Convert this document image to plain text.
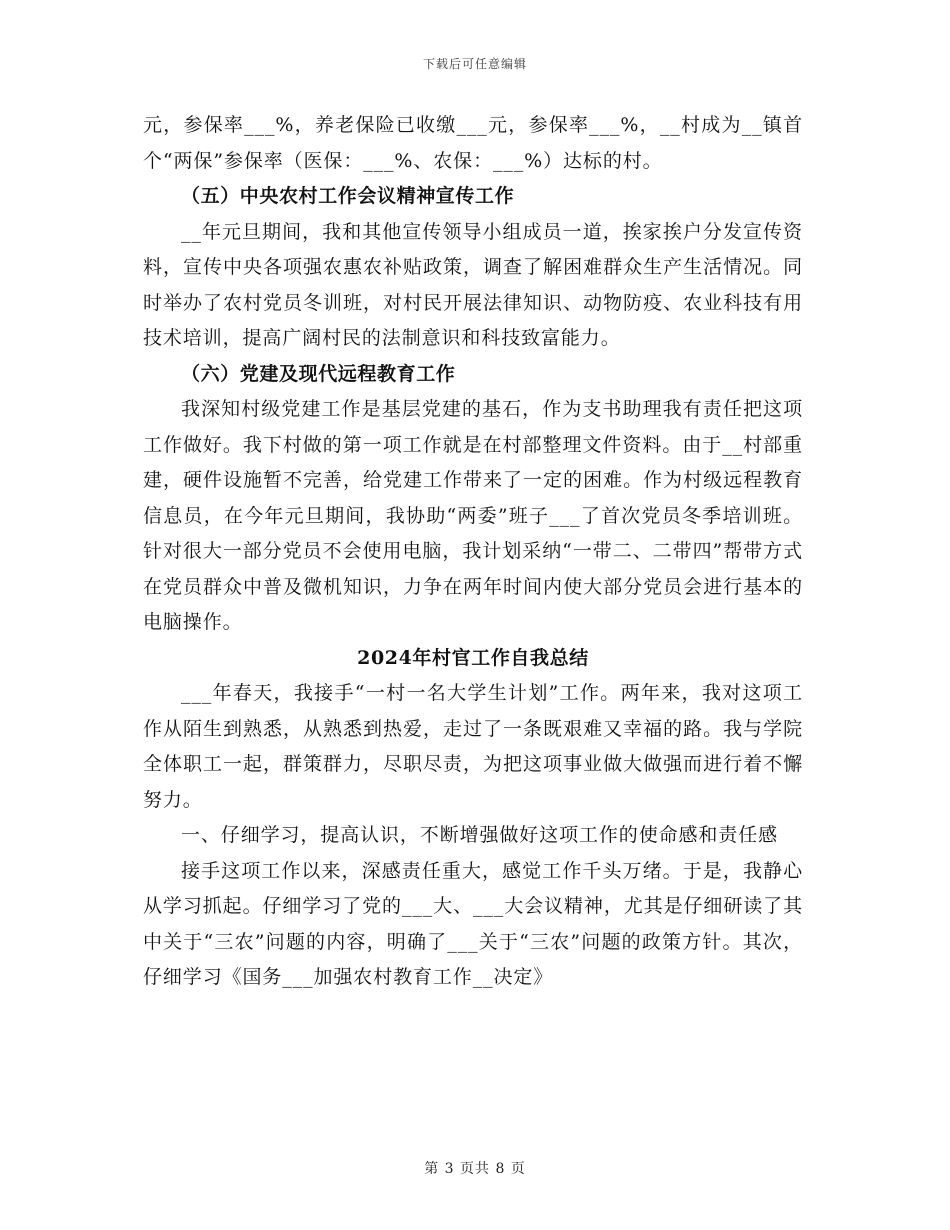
下载后可任意编辑

元，参保率___%，养老保险已收缴___元，参保率___%，__村成为__镇首个“两保”参保率（医保：___%、农保：___%）达标的村。

（五）中央农村工作会议精神宣传工作

__年元旦期间，我和其他宣传领导小组成员一道，挨家挨户分发宣传资料，宣传中央各项强农惠农补贴政策，调查了解困难群众生产生活情况。同时举办了农村党员冬训班，对村民开展法律知识、动物防疫、农业科技有用技术培训，提高广阔村民的法制意识和科技致富能力。

（六）党建及现代远程教育工作

我深知村级党建工作是基层党建的基石，作为支书助理我有责任把这项工作做好。我下村做的第一项工作就是在村部整理文件资料。由于__村部重建，硬件设施暂不完善，给党建工作带来了一定的困难。作为村级远程教育信息员，在今年元旦期间，我协助“两委”班子___了首次党员冬季培训班。针对很大一部分党员不会使用电脑，我计划采纳“一带二、二带四”帮带方式在党员群众中普及微机知识，力争在两年时间内使大部分党员会进行基本的电脑操作。

2024年村官工作自我总结

___年春天，我接手“一村一名大学生计划”工作。两年来，我对这项工作从陌生到熟悉，从熟悉到热爱，走过了一条既艰难又幸福的路。我与学院全体职工一起，群策群力，尽职尽责，为把这项事业做大做强而进行着不懈努力。

一、仔细学习，提高认识，不断增强做好这项工作的使命感和责任感

接手这项工作以来，深感责任重大，感觉工作千头万绪。于是，我静心从学习抓起。仔细学习了党的___大、___大会议精神，尤其是仔细研读了其中关于“三农”问题的内容，明确了___关于“三农”问题的政策方针。其次，仔细学习《国务___加强农村教育工作__决定》

第 3 页共 8 页
